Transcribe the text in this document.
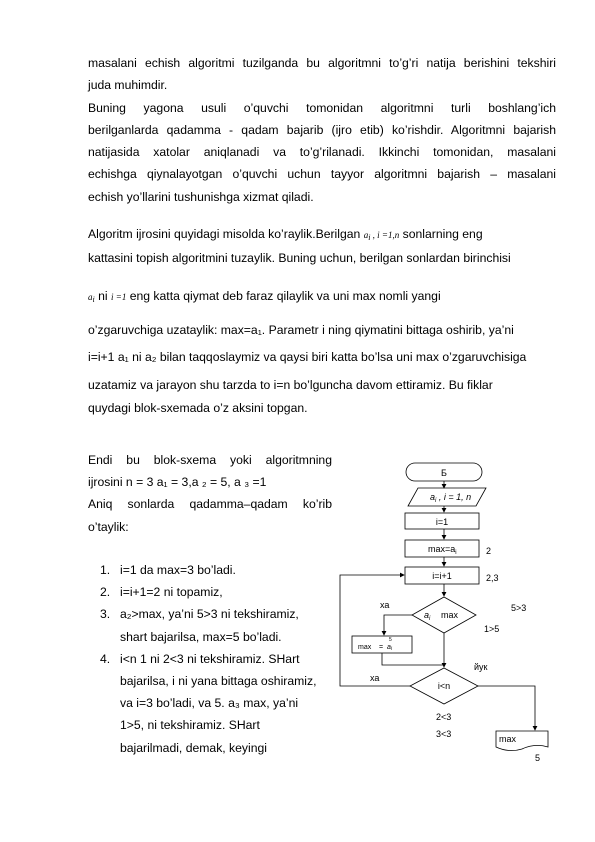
masalani echish algoritmi tuzilganda bu algoritmni to’g’ri natija berishini tekshiri
juda muhimdir.
Buning yagona usuli o’quvchi tomonidan algoritmni turli boshlang’ich
berilganlarda qadamma - qadam bajarib (ijro etib) ko’rishdir. Algoritmni bajarish
natijasida xatolar aniqlanadi va to’g’rilanadi. Ikkinchi tomonidan, masalani
echishga qiynalayotgan o’quvchi uchun tayyor algoritmni bajarish – masalani
echish yo’llarini tushunishga xizmat qiladi.
Algoritm ijrosini quyidagi misolda ko’raylik.Berilgan ai , i =1,n sonlarning eng
kattasini topish algoritmini tuzaylik. Buning uchun, berilgan sonlardan birinchisi
ai ni i =1 eng katta qiymat deb faraz qilaylik va uni max nomli yangi
o’zgaruvchiga uzataylik: max=a₁. Parametr i ning qiymatini bittaga oshirib, ya’ni
i=i+1 a₁ ni a₂ bilan taqqoslaymiz va qaysi biri katta bo’lsa uni max o’zgaruvchisiga
uzatamiz va jarayon shu tarzda to i=n bo’lguncha davom ettiramiz. Bu fiklar
quydagi blok-sxemada o’z aksini topgan.
Endi bu blok-sxema yoki algoritmning
ijrosini n = 3 a₁ = 3,a ₂ = 5, a ₃ =1
Aniq sonlarda qadamma–qadam ko’rib
o’taylik:
1. i=1 da max=3 bo’ladi.
2. i=i+1=2 ni topamiz,
3. a₂>max, ya’ni 5>3 ni tekshiramiz,
shart bajarilsa, max=5 bo’ladi.
4. i<n 1 ni 2<3 ni tekshiramiz. SHart
bajarilsa, i ni yana bittaga oshiramiz,
va i=3 bo’ladi, va 5. a₃ max, ya’ni
1>5, ni tekshiramiz. SHart
bajarilmadi, demak, keyingi
Б
$a_i$ , i = 1, n
i=1
$\max=a_i$	2
i=i+1	2,3
$a_i$ max
ха	5>3
1>5
max = ai
5
i<n
ха
йук
2<3
3<3	max
5
